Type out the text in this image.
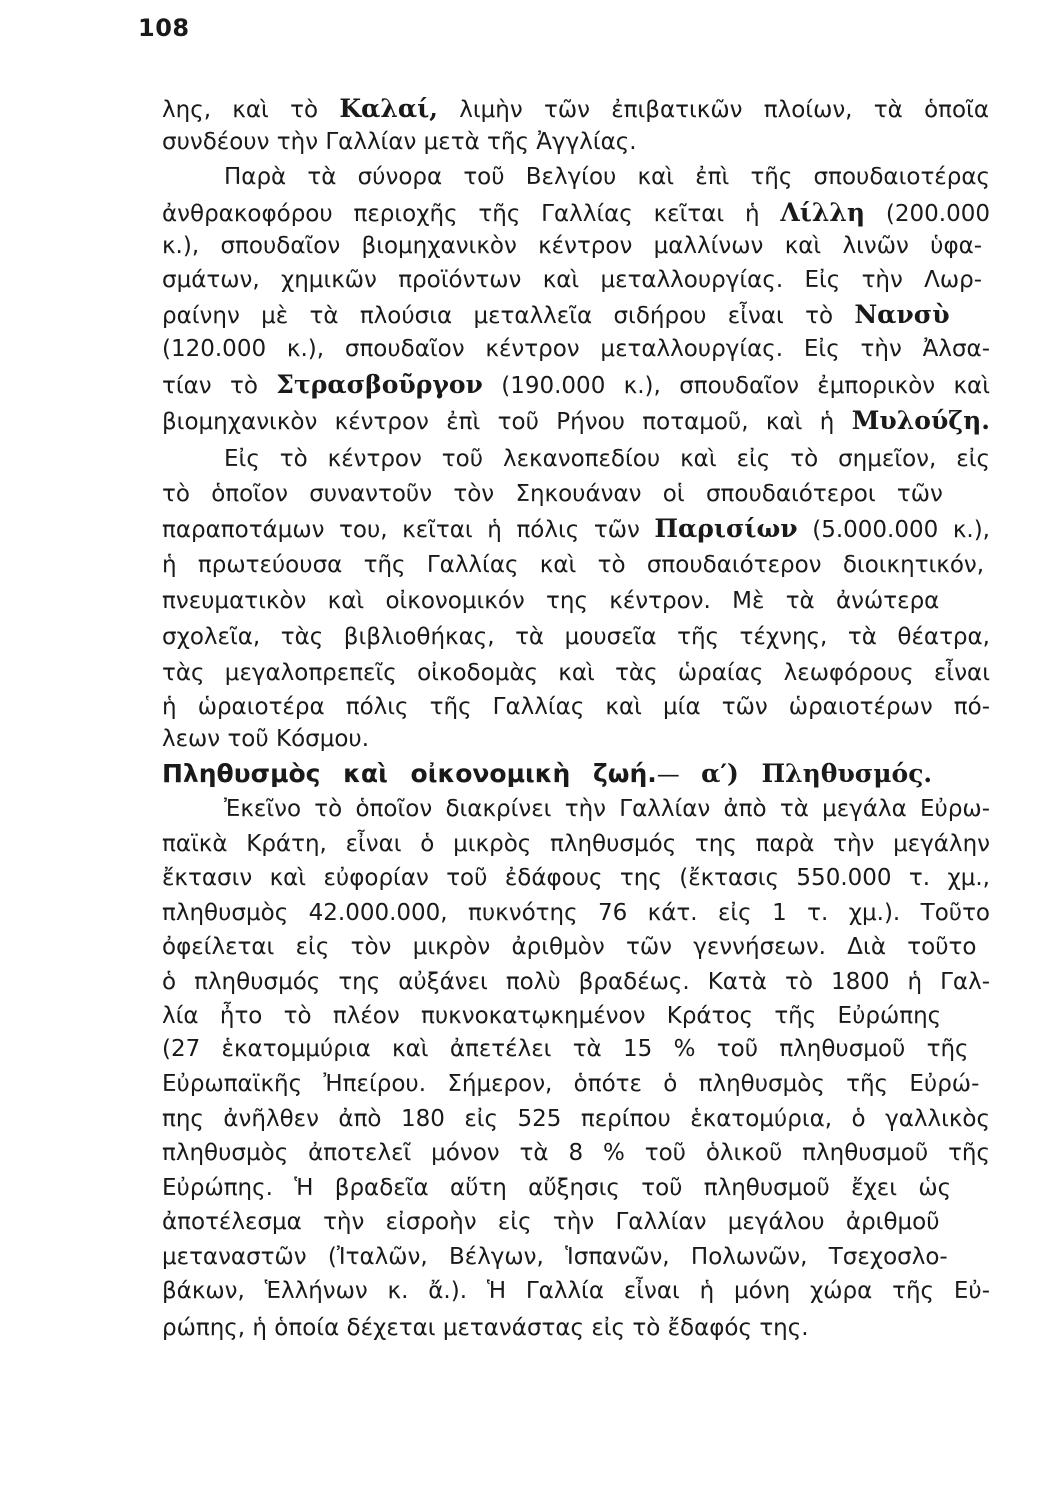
108
λης, καὶ τὸ Καλαί, λιμὴν τῶν ἐπιβατικῶν πλοίων, τὰ ὁποῖα
συνδέουν τὴν Γαλλίαν μετὰ τῆς Ἀγγλίας.
Παρὰ τὰ σύνορα τοῦ Βελγίου καὶ ἐπὶ τῆς σπουδαιοτέρας
ἀνθρακοφόρου περιοχῆς τῆς Γαλλίας κεῖται ἡ Λίλλη (200.000
κ.), σπουδαῖον βιομηχανικὸν κέντρον μαλλίνων καὶ λινῶν ὑφα-
σμάτων, χημικῶν προϊόντων καὶ μεταλλουργίας. Εἰς τὴν Λωρ-
ραίνην μὲ τὰ πλούσια μεταλλεῖα σιδήρου εἶναι τὸ Νανσὺ
(120.000 κ.), σπουδαῖον κέντρον μεταλλουργίας. Εἰς τὴν Ἀλσα-
τίαν τὸ Στρασβοῦργον (190.000 κ.), σπουδαῖον ἐμπορικὸν καὶ
βιομηχανικὸν κέντρον ἐπὶ τοῦ Ρήνου ποταμοῦ, καὶ ἡ Μυλούζη.
Εἰς τὸ κέντρον τοῦ λεκανοπεδίου καὶ εἰς τὸ σημεῖον, εἰς
τὸ ὁποῖον συναντοῦν τὸν Σηκουάναν οἱ σπουδαιότεροι τῶν
παραποτάμων του, κεῖται ἡ πόλις τῶν Παρισίων (5.000.000 κ.),
ἡ πρωτεύουσα τῆς Γαλλίας καὶ τὸ σπουδαιότερον διοικητικόν,
πνευματικὸν καὶ οἰκονομικόν της κέντρον. Μὲ τὰ ἀνώτερα
σχολεῖα, τὰς βιβλιοθήκας, τὰ μουσεῖα τῆς τέχνης, τὰ θέατρα,
τὰς μεγαλοπρεπεῖς οἰκοδομὰς καὶ τὰς ὡραίας λεωφόρους εἶναι
ἡ ὡραιοτέρα πόλις τῆς Γαλλίας καὶ μία τῶν ὡραιοτέρων πό-
λεων τοῦ Κόσμου.
Πληθυσμὸς καὶ οἰκονομικὴ ζωή.— α′) Πληθυσμός.
Ἐκεῖνο τὸ ὁποῖον διακρίνει τὴν Γαλλίαν ἀπὸ τὰ μεγάλα Εὐρω-
παϊκὰ Κράτη, εἶναι ὁ μικρὸς πληθυσμός της παρὰ τὴν μεγάλην
ἔκτασιν καὶ εὐφορίαν τοῦ ἐδάφους της (ἔκτασις 550.000 τ. χμ.,
πληθυσμὸς 42.000.000, πυκνότης 76 κάτ. εἰς 1 τ. χμ.). Τοῦτο
ὀφείλεται εἰς τὸν μικρὸν ἀριθμὸν τῶν γεννήσεων. Διὰ τοῦτο
ὁ πληθυσμός της αὐξάνει πολὺ βραδέως. Κατὰ τὸ 1800 ἡ Γαλ-
λία ἦτο τὸ πλέον πυκνοκατῳκημένον Κράτος τῆς Εὐρώπης
(27 ἑκατομμύρια καὶ ἀπετέλει τὰ 15 % τοῦ πληθυσμοῦ τῆς
Εὐρωπαϊκῆς Ἠπείρου. Σήμερον, ὁπότε ὁ πληθυσμὸς τῆς Εὐρώ-
πης ἀνῆλθεν ἀπὸ 180 εἰς 525 περίπου ἑκατομύρια, ὁ γαλλικὸς
πληθυσμὸς ἀποτελεῖ μόνον τὰ 8 % τοῦ ὁλικοῦ πληθυσμοῦ τῆς
Εὐρώπης. Ἡ βραδεῖα αὕτη αὔξησις τοῦ πληθυσμοῦ ἔχει ὡς
ἀποτέλεσμα τὴν εἰσροὴν εἰς τὴν Γαλλίαν μεγάλου ἀριθμοῦ
μεταναστῶν (Ἰταλῶν, Βέλγων, Ἱσπανῶν, Πολωνῶν, Τσεχοσλο-
βάκων, Ἑλλήνων κ. ἄ.). Ἡ Γαλλία εἶναι ἡ μόνη χώρα τῆς Εὐ-
ρώπης, ἡ ὁποία δέχεται μετανάστας εἰς τὸ ἔδαφός της.
